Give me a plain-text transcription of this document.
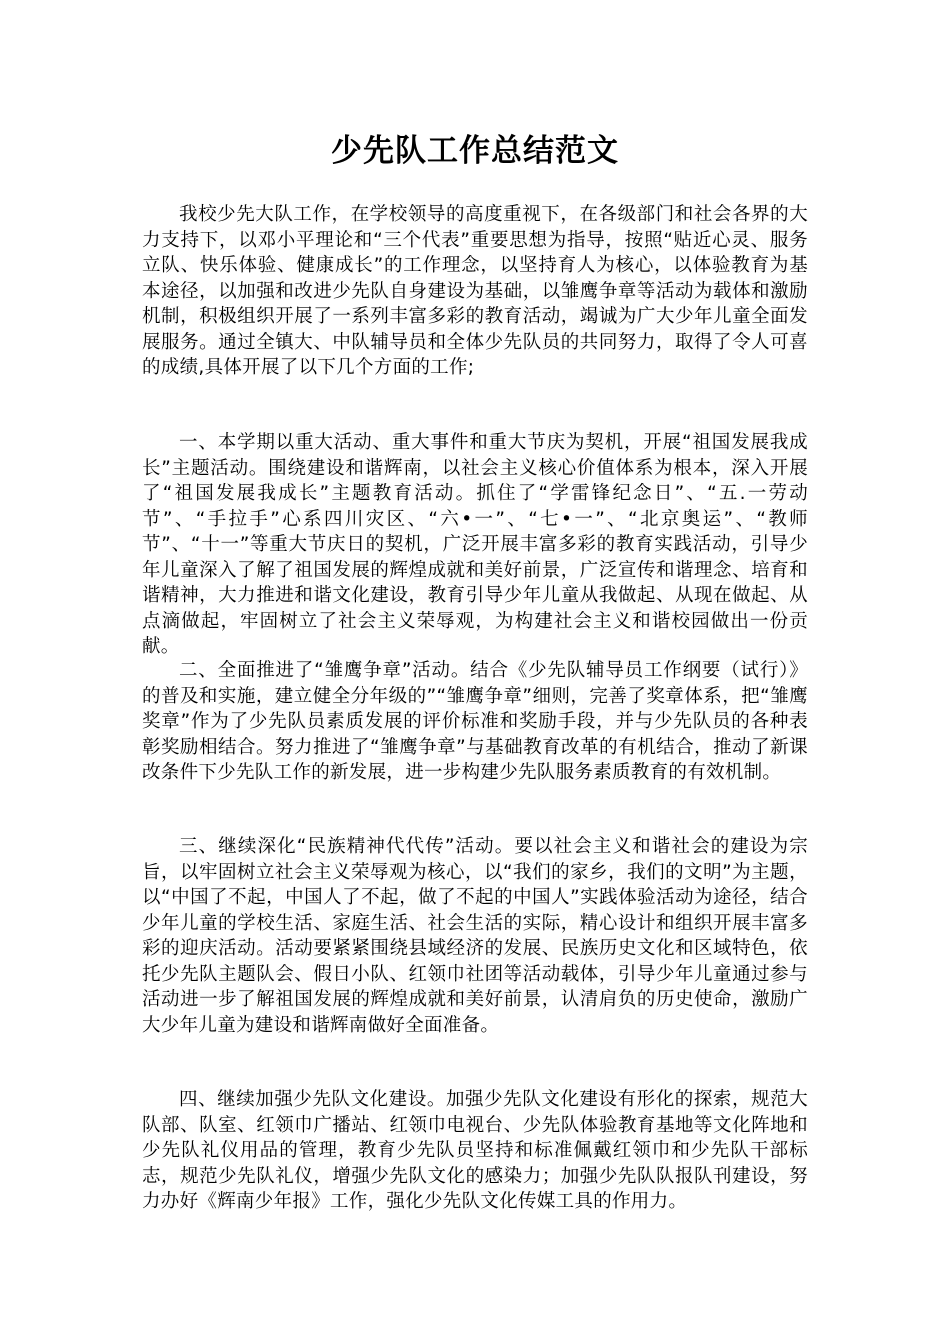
少先队工作总结范文

我校少先大队工作，在学校领导的高度重视下，在各级部门和社会各界的大力支持下，以邓小平理论和“三个代表”重要思想为指导，按照“贴近心灵、服务立队、快乐体验、健康成长”的工作理念，以坚持育人为核心，以体验教育为基本途径，以加强和改进少先队自身建设为基础，以雏鹰争章等活动为载体和激励机制，积极组织开展了一系列丰富多彩的教育活动，竭诚为广大少年儿童全面发展服务。通过全镇大、中队辅导员和全体少先队员的共同努力，取得了令人可喜的成绩,具体开展了以下几个方面的工作;

一、本学期以重大活动、重大事件和重大节庆为契机，开展“祖国发展我成长”主题活动。围绕建设和谐辉南，以社会主义核心价值体系为根本，深入开展了“祖国发展我成长”主题教育活动。抓住了“学雷锋纪念日”、“五.一劳动节”、“手拉手”心系四川灾区、“六•一”、“七•一”、“北京奥运”、“教师节”、“十一”等重大节庆日的契机，广泛开展丰富多彩的教育实践活动，引导少年儿童深入了解了祖国发展的辉煌成就和美好前景，广泛宣传和谐理念、培育和谐精神，大力推进和谐文化建设，教育引导少年儿童从我做起、从现在做起、从点滴做起，牢固树立了社会主义荣辱观，为构建社会主义和谐校园做出一份贡献。

二、全面推进了“雏鹰争章”活动。结合《少先队辅导员工作纲要（试行）》的普及和实施，建立健全分年级的”“雏鹰争章”细则，完善了奖章体系，把“雏鹰奖章”作为了少先队员素质发展的评价标准和奖励手段，并与少先队员的各种表彰奖励相结合。努力推进了“雏鹰争章”与基础教育改革的有机结合，推动了新课改条件下少先队工作的新发展，进一步构建少先队服务素质教育的有效机制。

三、继续深化“民族精神代代传”活动。要以社会主义和谐社会的建设为宗旨，以牢固树立社会主义荣辱观为核心，以“我们的家乡，我们的文明”为主题，以“中国了不起，中国人了不起，做了不起的中国人”实践体验活动为途径，结合少年儿童的学校生活、家庭生活、社会生活的实际，精心设计和组织开展丰富多彩的迎庆活动。活动要紧紧围绕县域经济的发展、民族历史文化和区域特色，依托少先队主题队会、假日小队、红领巾社团等活动载体，引导少年儿童通过参与活动进一步了解祖国发展的辉煌成就和美好前景，认清肩负的历史使命，激励广大少年儿童为建设和谐辉南做好全面准备。

四、继续加强少先队文化建设。加强少先队文化建设有形化的探索，规范大队部、队室、红领巾广播站、红领巾电视台、少先队体验教育基地等文化阵地和少先队礼仪用品的管理，教育少先队员坚持和标准佩戴红领巾和少先队干部标志，规范少先队礼仪，增强少先队文化的感染力；加强少先队队报队刊建设，努力办好《辉南少年报》工作，强化少先队文化传媒工具的作用力。
